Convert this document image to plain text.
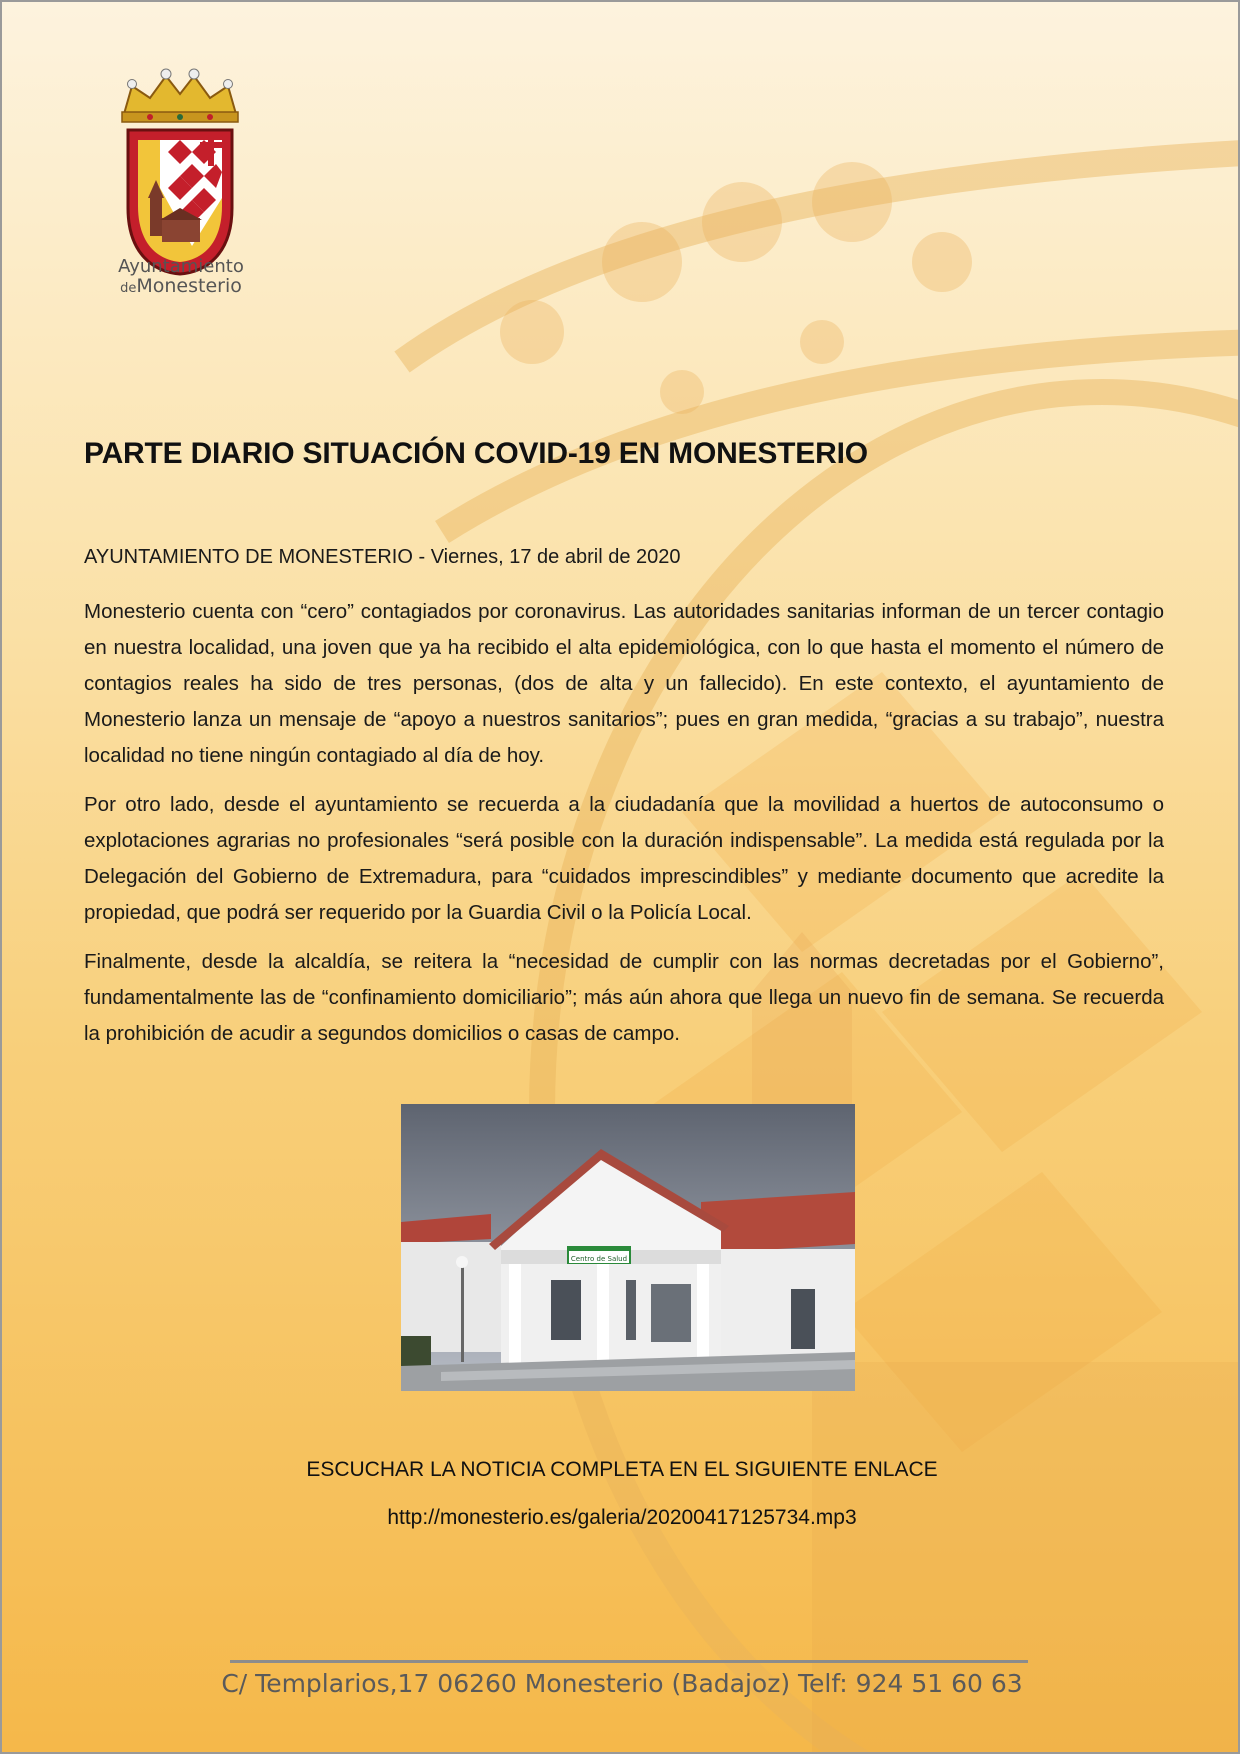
Ayuntamiento
deMonesterio
PARTE DIARIO SITUACIÓN COVID-19 EN MONESTERIO
AYUNTAMIENTO DE MONESTERIO - Viernes, 17 de abril de 2020

Monesterio cuenta con “cero” contagiados por coronavirus. Las autoridades sanitarias informan de un tercer contagio en nuestra localidad, una joven que ya ha recibido el alta epidemiológica, con lo que hasta el momento el número de contagios reales ha sido de tres personas, (dos de alta y un fallecido). En este contexto, el ayuntamiento de Monesterio lanza un mensaje de “apoyo a nuestros sanitarios”; pues en gran medida, “gracias a su trabajo”, nuestra localidad no tiene ningún contagiado al día de hoy.

Por otro lado, desde el ayuntamiento se recuerda a la ciudadanía que la movilidad a huertos de autoconsumo o explotaciones agrarias no profesionales “será posible con la duración indispensable”. La medida está regulada por la Delegación del Gobierno de Extremadura, para “cuidados imprescindibles” y mediante documento que acredite la propiedad, que podrá ser requerido por la Guardia Civil o la Policía Local.

Finalmente, desde la alcaldía, se reitera la “necesidad de cumplir con las normas decretadas por el Gobierno”, fundamentalmente las de “confinamiento domiciliario”; más aún ahora que llega un nuevo fin de semana. Se recuerda la prohibición de acudir a segundos domicilios o casas de campo.

Centro de Salud
ESCUCHAR LA NOTICIA COMPLETA EN EL SIGUIENTE ENLACE
http://monesterio.es/galeria/20200417125734.mp3
C/ Templarios,17 06260 Monesterio (Badajoz) Telf: 924 51 60 63
